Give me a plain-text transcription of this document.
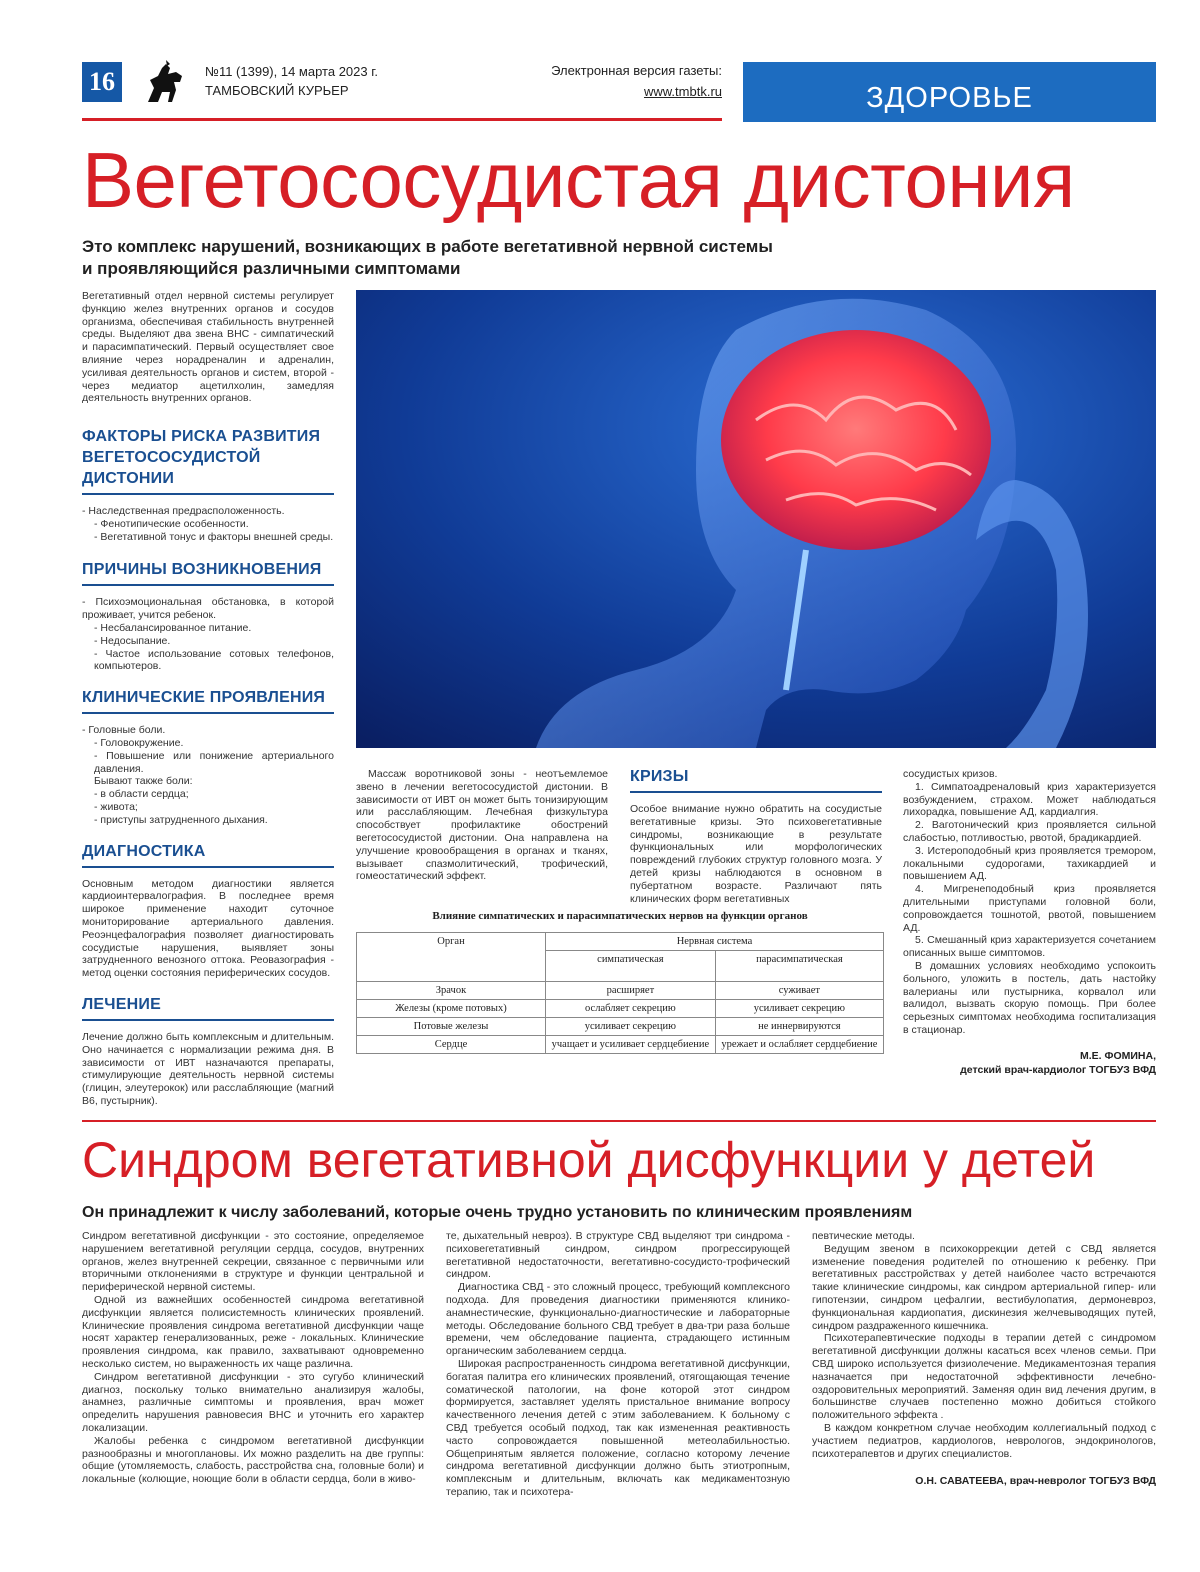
16	№11 (1399), 14 марта 2023 г.
ТАМБОВСКИЙ КУРЬЕР
Электронная версия газеты:
www.tmbtk.ru	ЗДОРОВЬЕ
Вегетососудистая дистония
Это комплекс нарушений, возникающих в работе вегетативной нервной системы
и проявляющийся различными симптомами
Вегетативный отдел нервной системы регулирует функцию желез внутренних органов и сосудов организма, обеспечивая стабильность внутренней среды. Выделяют два звена ВНС - симпатический и парасимпатический. Первый осуществляет свое влияние через норадреналин и адреналин, усиливая деятельность органов и систем, второй - через медиатор ацетилхолин, замедляя деятельность внутренних органов.
ФАКТОРЫ РИСКА РАЗВИТИЯ
ВЕГЕТОСОСУДИСТОЙ ДИСТОНИИ
- Наследственная предрасположенность.
- Фенотипические особенности.
- Вегетативной тонус и факторы внешней среды.
ПРИЧИНЫ ВОЗНИКНОВЕНИЯ
- Психоэмоциональная обстановка, в которой проживает, учится ребенок.
- Несбалансированное питание.
- Недосыпание.
- Частое использование сотовых телефонов, компьютеров.
КЛИНИЧЕСКИЕ ПРОЯВЛЕНИЯ
- Головные боли.
- Головокружение.
- Повышение или понижение артериального давления.
Бывают также боли:
- в области сердца;
- живота;
- приступы затрудненного дыхания.
ДИАГНОСТИКА
Основным методом диагностики является кардиоинтервалография. В последнее время широкое применение находит суточное мониторирование артериального давления. Реоэнцефалография позволяет диагностировать сосудистые нарушения, выявляет зоны затрудненного венозного оттока. Реовазография - метод оценки состояния периферических сосудов.
ЛЕЧЕНИЕ
Лечение должно быть комплексным и длительным. Оно начинается с нормализации режима дня. В зависимости от ИВТ назначаются препараты, стимулирующие деятельность нервной системы (глицин, элеутерокок) или расслабляющие (магний В6, пустырник).
Массаж воротниковой зоны - неотъемлемое звено в лечении вегетососудистой дистонии. В зависимости от ИВТ он может быть тонизирующим или расслабляющим. Лечебная физкультура способствует профилактике обострений вегетососудистой дистонии. Она направлена на улучшение кровообращения в органах и тканях, вызывает спазмолитический, трофический, гомеостатический эффект.
КРИЗЫ
Особое внимание нужно обратить на сосудистые вегетативные кризы. Это психовегетативные синдромы, возникающие в результате функциональных или морфологических повреждений глубоких структур головного мозга. У детей кризы наблюдаются в основном в пубертатном возрасте. Различают пять клинических форм вегетативных
сосудистых кризов.
1. Симпатоадреналовый криз характеризуется возбуждением, страхом. Может наблюдаться лихорадка, повышение АД, кардиалгия.
2. Ваготонический криз проявляется сильной слабостью, потливостью, рвотой, брадикардией.
3. Истероподобный криз проявляется тремором, локальными судорогами, тахикардией и повышением АД.
4. Мигренеподобный криз проявляется длительными приступами головной боли, сопровождается тошнотой, рвотой, повышением АД.
5. Смешанный криз характеризуется сочетанием описанных выше симптомов.
В домашних условиях необходимо успокоить больного, уложить в постель, дать настойку валерианы или пустырника, корвалол или валидол, вызвать скорую помощь. При более серьезных симптомах необходима госпитализация в стационар.
М.Е. ФОМИНА,
детский врач-кардиолог ТОГБУЗ ВФД
Влияние симпатических и парасимпатических нервов на функции органов
Орган	Нервная система	
	симпатическая	парасимпатическая
Зрачок	расширяет	суживает
Железы (кроме потовых)	ослабляет секрецию	усиливает секрецию
Потовые железы	усиливает секрецию	не иннервируются
Сердце	учащает и усиливает сердцебиение	урежает и ослабляет сердцебиение
Синдром вегетативной дисфункции у детей
Он принадлежит к числу заболеваний, которые очень трудно установить по клиническим проявлениям
Синдром вегетативной дисфункции - это состояние, определяемое нарушением вегетативной регуляции сердца, сосудов, внутренних органов, желез внутренней секреции, связанное с первичными или вторичными отклонениями в структуре и функции центральной и периферической нервной системы.
Одной из важнейших особенностей синдрома вегетативной дисфункции является полисистемность клинических проявлений. Клинические проявления синдрома вегетативной дисфункции чаще носят характер генерализованных, реже - локальных. Клинические проявления синдрома, как правило, захватывают одновременно несколько систем, но выраженность их чаще различна.
Синдром вегетативной дисфункции - это сугубо клинический диагноз, поскольку только внимательно анализируя жалобы, анамнез, различные симптомы и проявления, врач может определить нарушения равновесия ВНС и уточнить его характер локализации.
Жалобы ребенка с синдромом вегетативной дисфункции разнообразны и многоплановы. Их можно разделить на две группы: общие (утомляемость, слабость, расстройства сна, головные боли) и локальные (колющие, ноющие боли в области сердца, боли в живо-
те, дыхательный невроз). В структуре СВД выделяют три синдрома - психовегетативный синдром, синдром прогрессирующей вегетативной недостаточности, вегетативно-сосудисто-трофический синдром.
Диагностика СВД - это сложный процесс, требующий комплексного подхода. Для проведения диагностики применяются клинико-анамнестические, функционально-диагностические и лабораторные методы. Обследование больного СВД требует в два-три раза больше времени, чем обследование пациента, страдающего истинным органическим заболеванием сердца.
Широкая распространенность синдрома вегетативной дисфункции, богатая палитра его клинических проявлений, отягощающая течение соматической патологии, на фоне которой этот синдром формируется, заставляет уделять пристальное внимание вопросу качественного лечения детей с этим заболеванием. К больному с СВД требуется особый подход, так как измененная реактивность часто сопровождается повышенной метеолабильностью. Общепринятым является положение, согласно которому лечение синдрома вегетативной дисфункции должно быть этиотропным, комплексным и длительным, включать как медикаментозную терапию, так и психотера-
певтические методы.
Ведущим звеном в психокоррекции детей с СВД является изменение поведения родителей по отношению к ребенку. При вегетативных расстройствах у детей наиболее часто встречаются такие клинические синдромы, как синдром артериальной гипер- или гипотензии, синдром цефалгии, вестибулопатия, дермоневроз, функциональная кардиопатия, дискинезия желчевыводящих путей, синдром раздраженного кишечника.
Психотерапевтические подходы в терапии детей с синдромом вегетативной дисфункции должны касаться всех членов семьи. При СВД широко используется физиолечение. Медикаментозная терапия назначается при недостаточной эффективности лечебно-оздоровительных мероприятий. Заменяя один вид лечения другим, в большинстве случаев постепенно можно добиться стойкого положительного эффекта .
В каждом конкретном случае необходим коллегиальный подход с участием педиатров, кардиологов, неврологов, эндокринологов, психотерапевтов и других специалистов.
О.Н. САВАТЕЕВА, врач-невролог ТОГБУЗ ВФД
